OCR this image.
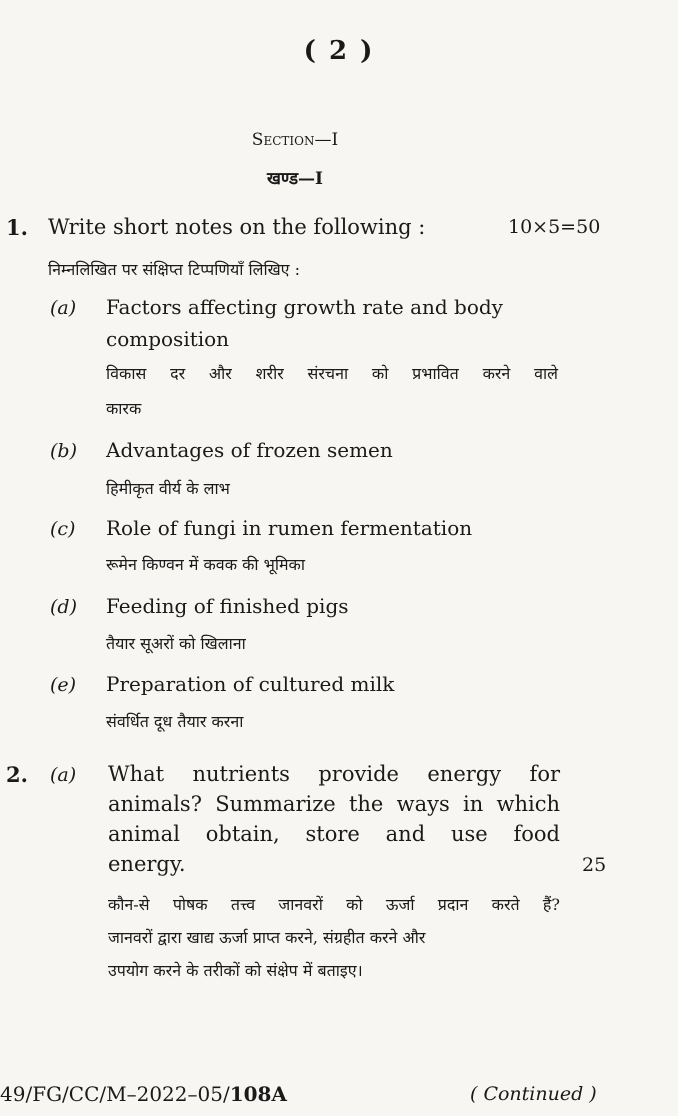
( 2 )
Section—I
खण्ड—I
1. Write short notes on the following :	10×5=50
निम्नलिखित पर संक्षिप्त टिप्पणियाँ लिखिए :
(a) Factors affecting growth rate and body
composition
विकास दर और शरीर संरचना को प्रभावित करने वाले
कारक
(b) Advantages of frozen semen
हिमीकृत वीर्य के लाभ
(c) Role of fungi in rumen fermentation
रूमेन किण्वन में कवक की भूमिका
(d) Feeding of finished pigs
तैयार सूअरों को खिलाना
(e) Preparation of cultured milk
संवर्धित दूध तैयार करना
2. (a) What nutrients provide energy for
animals? Summarize the ways in which
animal obtain, store and use food
energy.	25
कौन-से पोषक तत्त्व जानवरों को ऊर्जा प्रदान करते हैं?
जानवरों द्वारा खाद्य ऊर्जा प्राप्त करने, संग्रहीत करने और
उपयोग करने के तरीकों को संक्षेप में बताइए।
49/FG/CC/M–2022–05/108A	( Continued )
